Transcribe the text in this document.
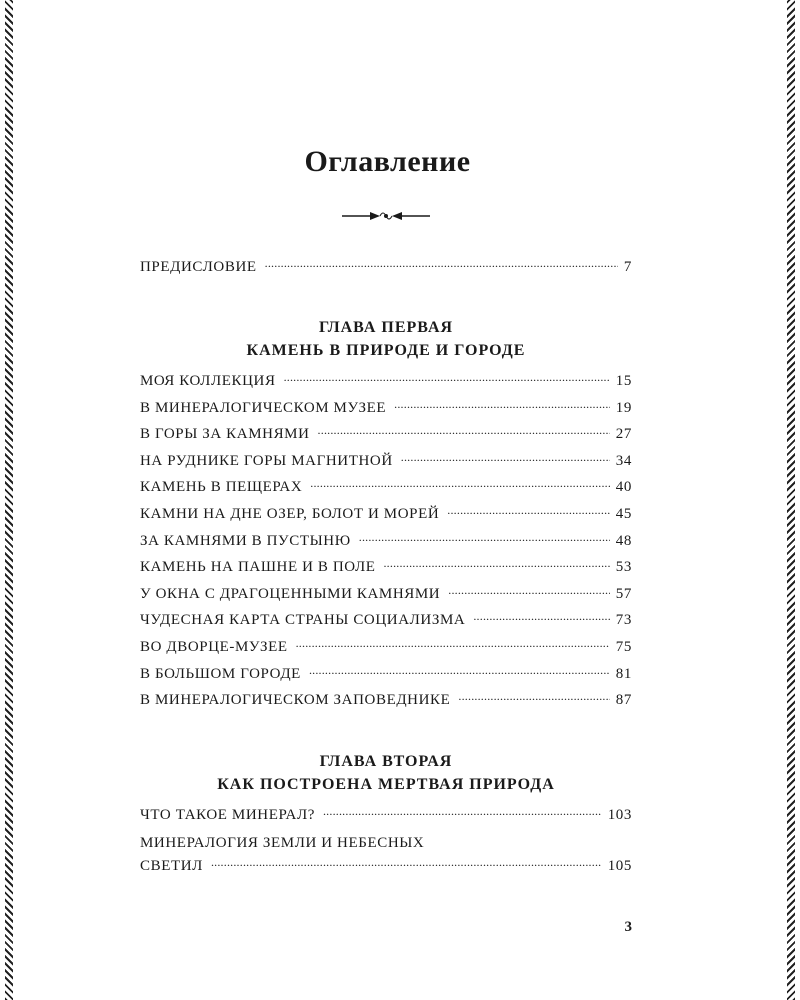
Оглавление
ПРЕДИСЛОВИЕ .....	7
ГЛАВА ПЕРВАЯ
КАМЕНЬ В ПРИРОДЕ И ГОРОДЕ
МОЯ КОЛЛЕКЦИЯ .....	15
В МИНЕРАЛОГИЧЕСКОМ МУЗЕЕ .....	19
В ГОРЫ ЗА КАМНЯМИ .....	27
НА РУДНИКЕ ГОРЫ МАГНИТНОЙ .....	34
КАМЕНЬ В ПЕЩЕРАХ .....	40
КАМНИ НА ДНЕ ОЗЕР, БОЛОТ И МОРЕЙ .....	45
ЗА КАМНЯМИ В ПУСТЫНЮ .....	48
КАМЕНЬ НА ПАШНЕ И В ПОЛЕ .....	53
У ОКНА С ДРАГОЦЕННЫМИ КАМНЯМИ .....	57
ЧУДЕСНАЯ КАРТА СТРАНЫ СОЦИАЛИЗМА .....	73
ВО ДВОРЦЕ-МУЗЕЕ .....	75
В БОЛЬШОМ ГОРОДЕ .....	81
В МИНЕРАЛОГИЧЕСКОМ ЗАПОВЕДНИКЕ .....	87
ГЛАВА ВТОРАЯ
КАК ПОСТРОЕНА МЕРТВАЯ ПРИРОДА
ЧТО ТАКОЕ МИНЕРАЛ? .....	103
МИНЕРАЛОГИЯ ЗЕМЛИ И НЕБЕСНЫХ
СВЕТИЛ .....	105
3
